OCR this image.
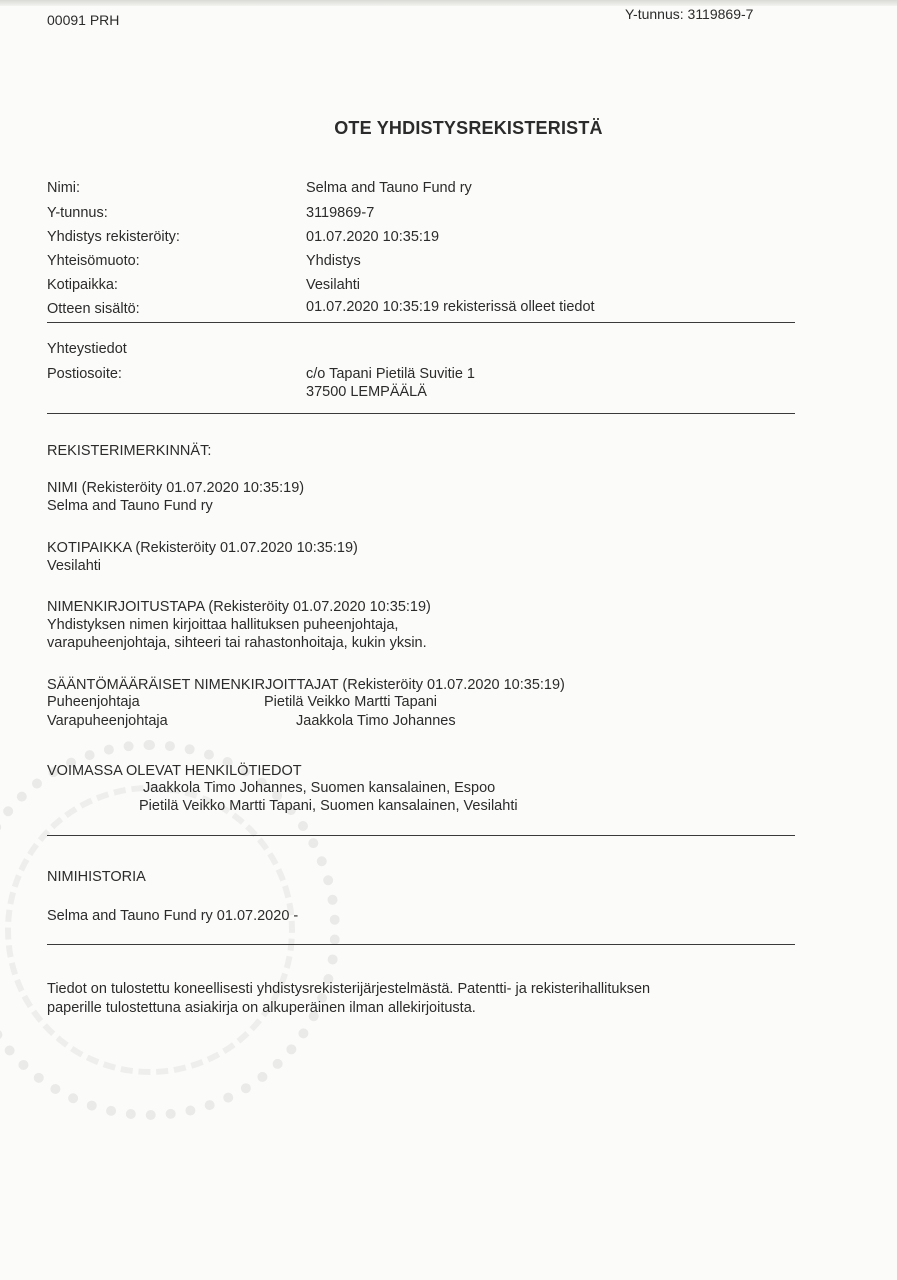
00091 PRH	Y-tunnus: 3119869-7
OTE YHDISTYSREKISTERISTÄ
Nimi:	Selma and Tauno Fund ry
Y-tunnus:	3119869-7
Yhdistys rekisteröity:	01.07.2020 10:35:19
Yhteisömuoto:	Yhdistys
Kotipaikka:	Vesilahti
Otteen sisältö:	01.07.2020 10:35:19 rekisterissä olleet tiedot
Yhteystiedot
Postiosoite:	c/o Tapani Pietilä Suvitie 1
37500 LEMPÄÄLÄ
REKISTERIMERKINNÄT:
NIMI (Rekisteröity 01.07.2020 10:35:19)
Selma and Tauno Fund ry
KOTIPAIKKA (Rekisteröity 01.07.2020 10:35:19)
Vesilahti
NIMENKIRJOITUSTAPA (Rekisteröity 01.07.2020 10:35:19)
Yhdistyksen nimen kirjoittaa hallituksen puheenjohtaja,
varapuheenjohtaja, sihteeri tai rahastonhoitaja, kukin yksin.
SÄÄNTÖMÄÄRÄISET NIMENKIRJOITTAJAT (Rekisteröity 01.07.2020 10:35:19)
Puheenjohtaja	Pietilä Veikko Martti Tapani
Varapuheenjohtaja	Jaakkola Timo Johannes
VOIMASSA OLEVAT HENKILÖTIEDOT
Jaakkola Timo Johannes, Suomen kansalainen, Espoo
Pietilä Veikko Martti Tapani, Suomen kansalainen, Vesilahti
NIMIHISTORIA
Selma and Tauno Fund ry 01.07.2020 -
Tiedot on tulostettu koneellisesti yhdistysrekisterijärjestelmästä. Patentti- ja rekisterihallituksen
paperille tulostettuna asiakirja on alkuperäinen ilman allekirjoitusta.
